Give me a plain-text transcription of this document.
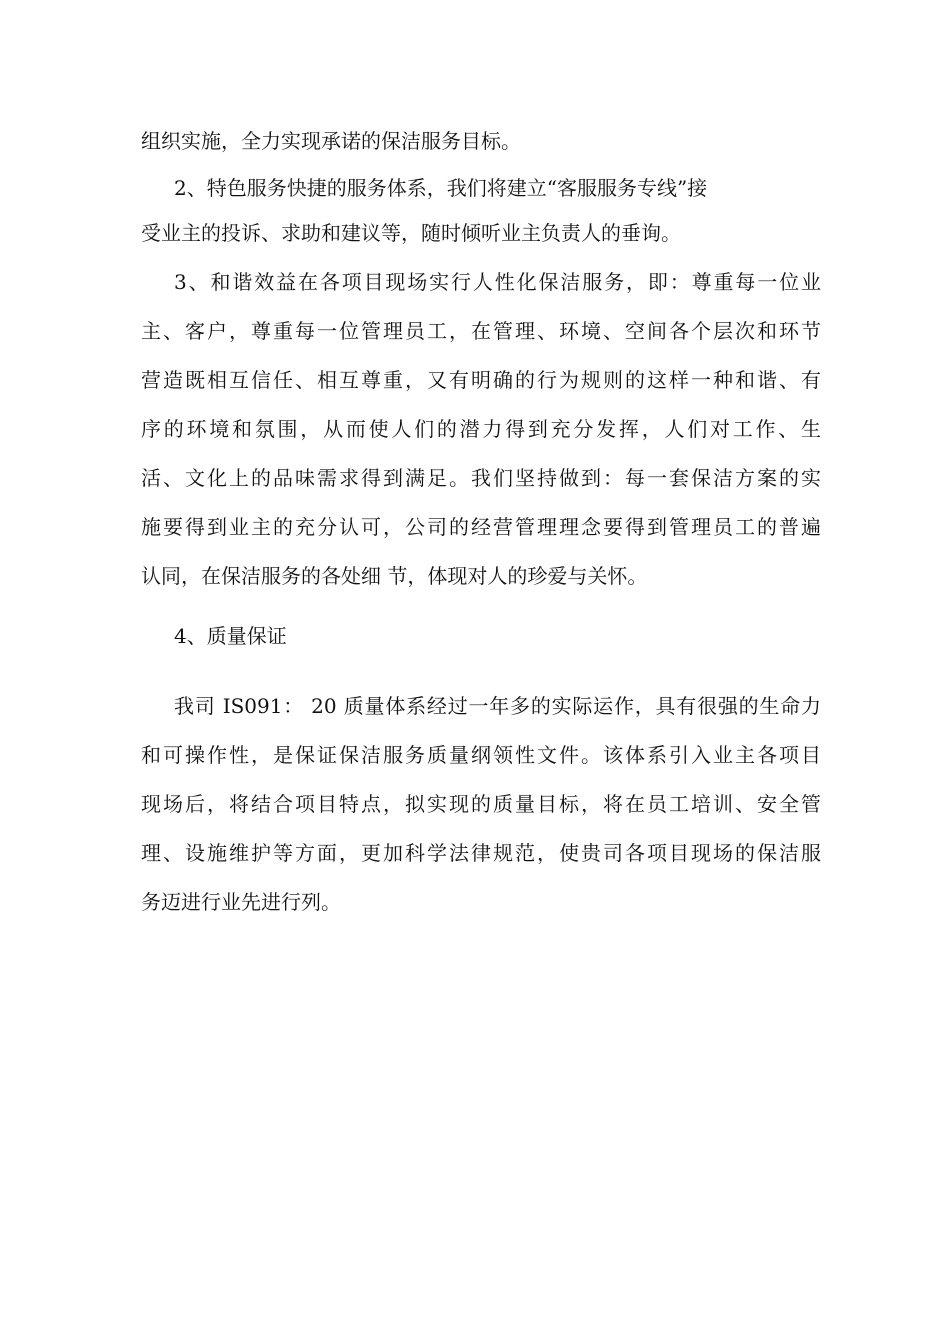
组织实施，全力实现承诺的保洁服务目标。
2、特色服务快捷的服务体系，我们将建立“客服服务专线”接
受业主的投诉、求助和建议等，随时倾听业主负责人的垂询。
3、和谐效益在各项目现场实行人性化保洁服务，即：尊重每一位业
主、客户，尊重每一位管理员工，在管理、环境、空间各个层次和环节
营造既相互信任、相互尊重，又有明确的行为规则的这样一种和谐、有
序的环境和氛围，从而使人们的潜力得到充分发挥，人们对工作、生
活、文化上的品味需求得到满足。我们坚持做到：每一套保洁方案的实
施要得到业主的充分认可，公司的经营管理理念要得到管理员工的普遍
认同，在保洁服务的各处细 节，体现对人的珍爱与关怀。
4、质量保证
我司 IS091： 20 质量体系经过一年多的实际运作，具有很强的生命力
和可操作性，是保证保洁服务质量纲领性文件。该体系引入业主各项目
现场后，将结合项目特点，拟实现的质量目标，将在员工培训、安全管
理、设施维护等方面，更加科学法律规范，使贵司各项目现场的保洁服
务迈进行业先进行列。
